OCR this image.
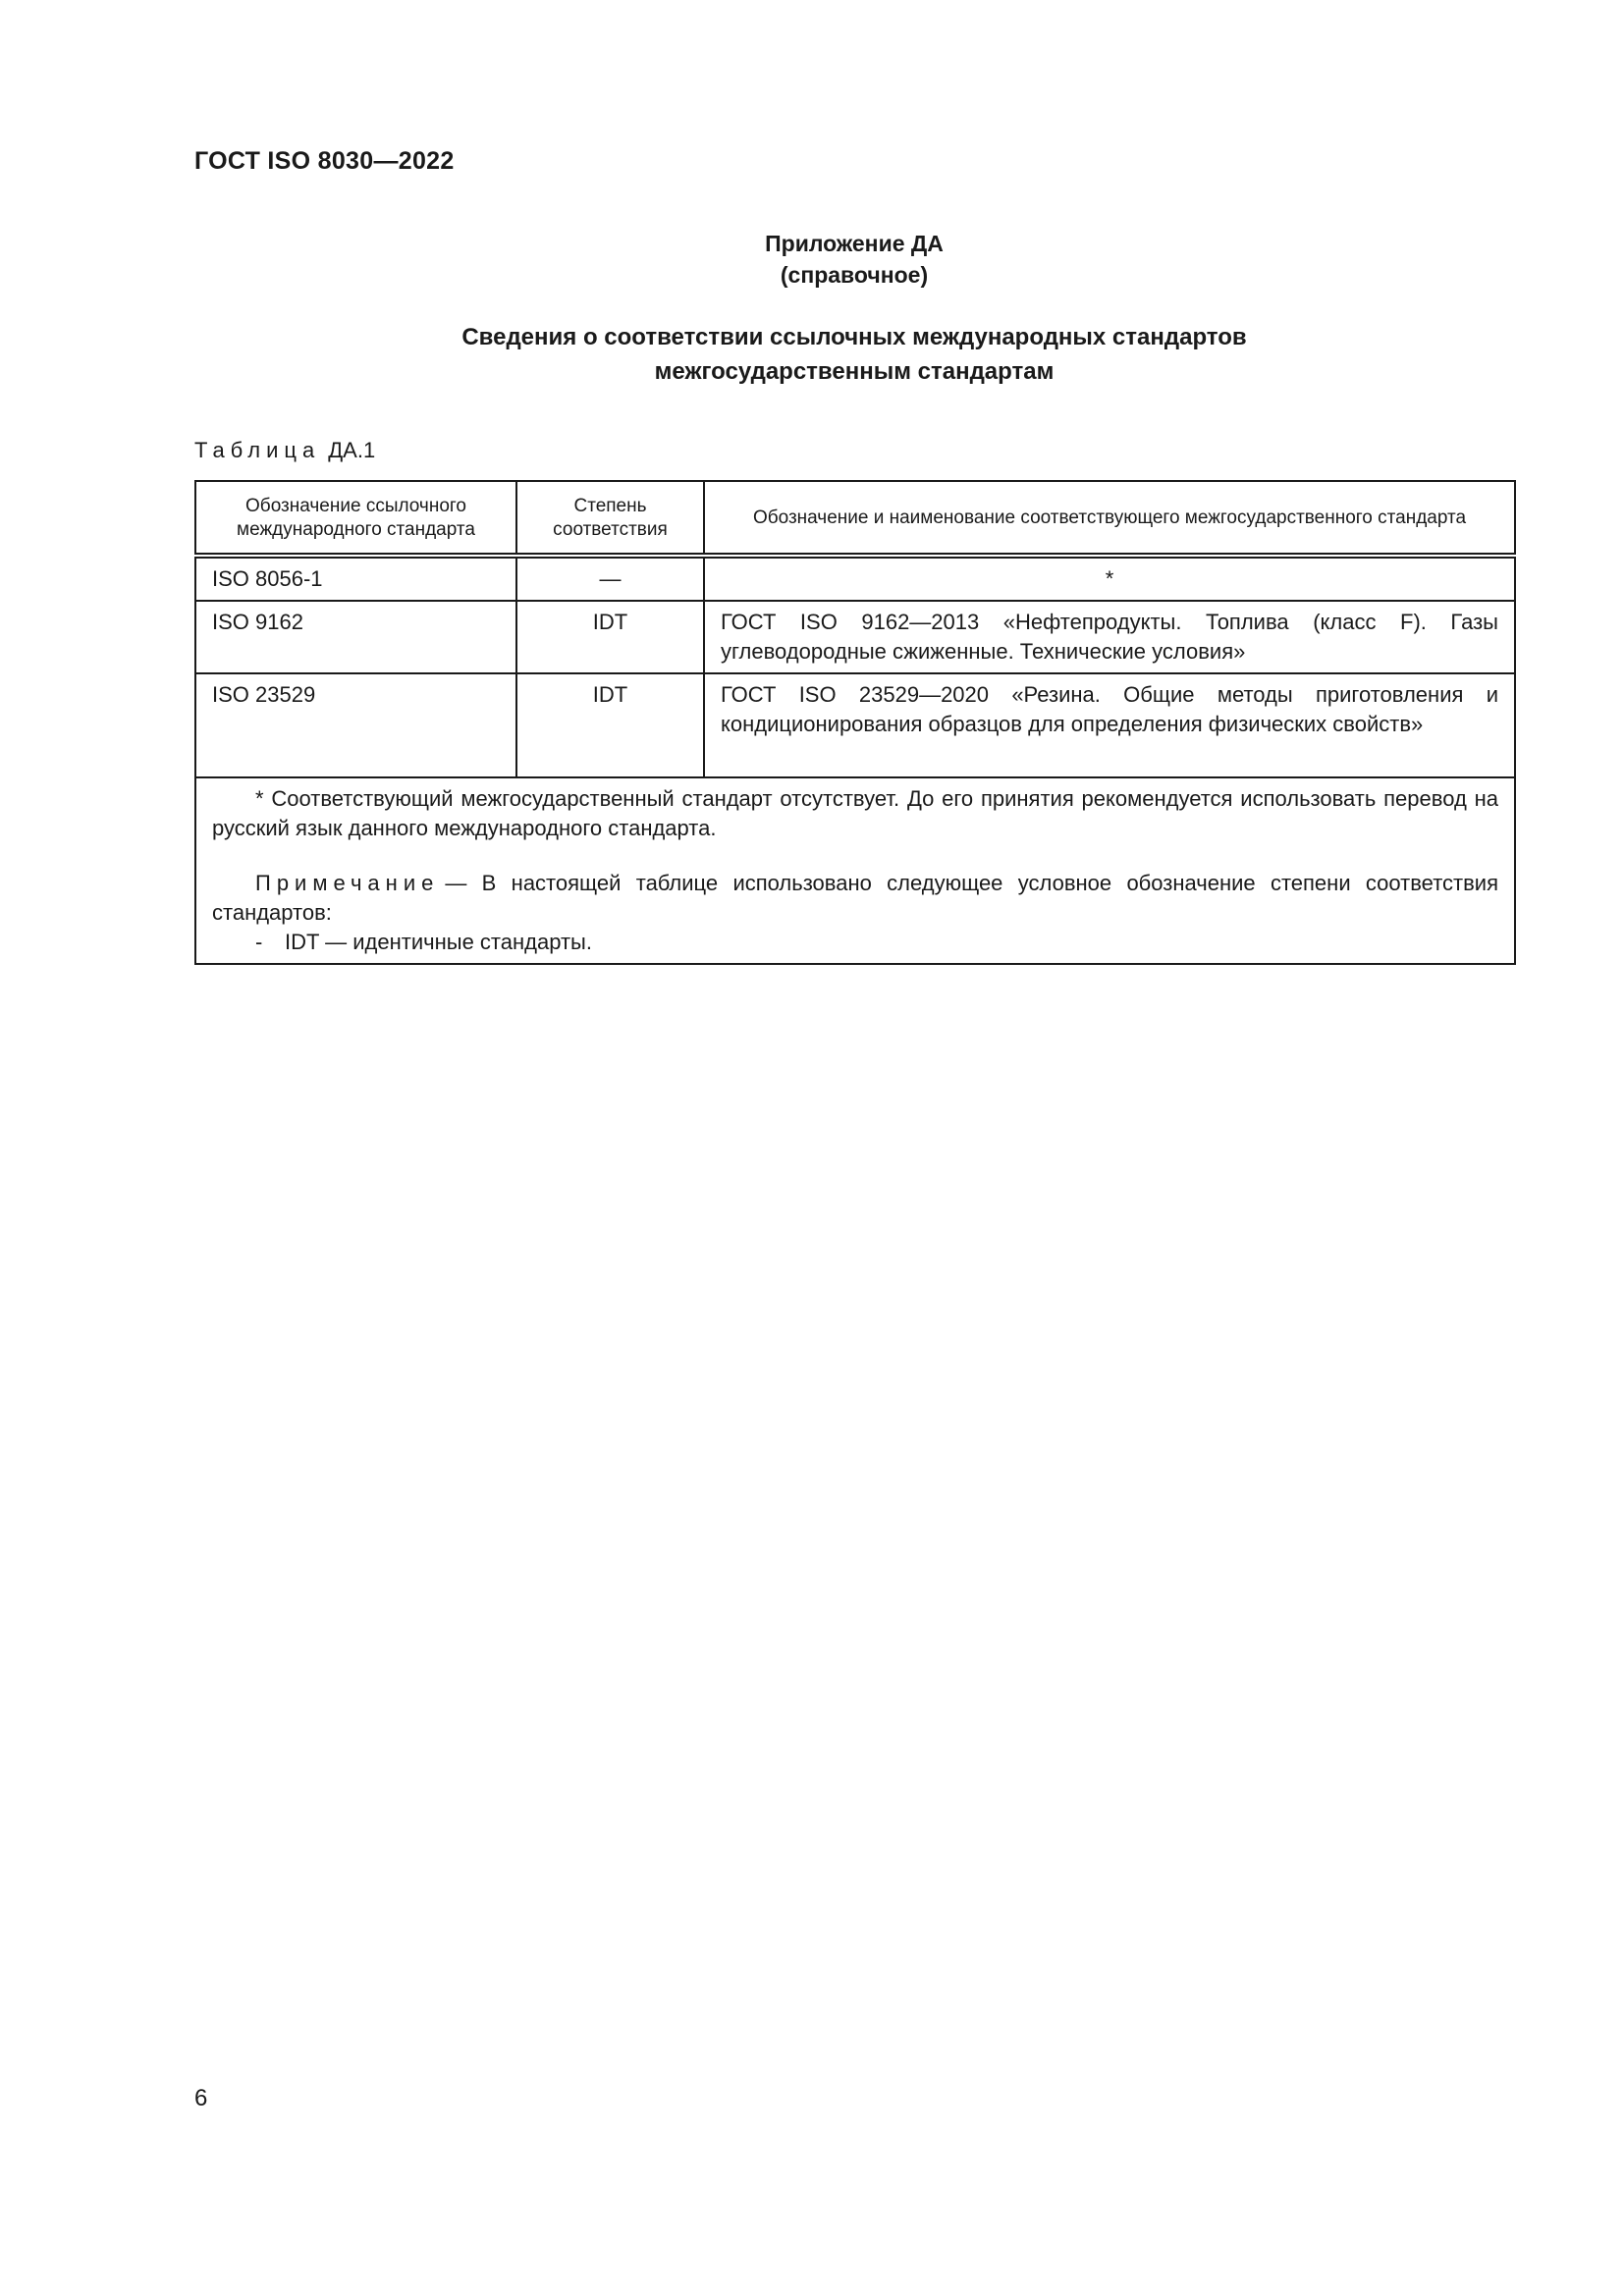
ГОСТ ISO 8030—2022
Приложение ДА
(справочное)
Сведения о соответствии ссылочных международных стандартов
межгосударственным стандартам
Таблица ДА.1
Обозначение ссылочного международного стандарта	Степень соответствия	Обозначение и наименование соответствующего межгосударственного стандарта
ISO 8056-1	—	*
ISO 9162	IDT	ГОСТ ISO 9162—2013 «Нефтепродукты. Топлива (класс F). Газы углеводородные сжиженные. Технические условия»
ISO 23529	IDT	ГОСТ ISO 23529—2020 «Резина. Общие методы приготовления и кондиционирования образцов для определения физических свойств»

* Соответствующий межгосударственный стандарт отсутствует. До его принятия рекомендуется использовать перевод на русский язык данного международного стандарта.

Примечание — В настоящей таблице использовано следующее условное обозначение степени соответствия стандартов:

- IDT — идентичные стандарты.		

6
